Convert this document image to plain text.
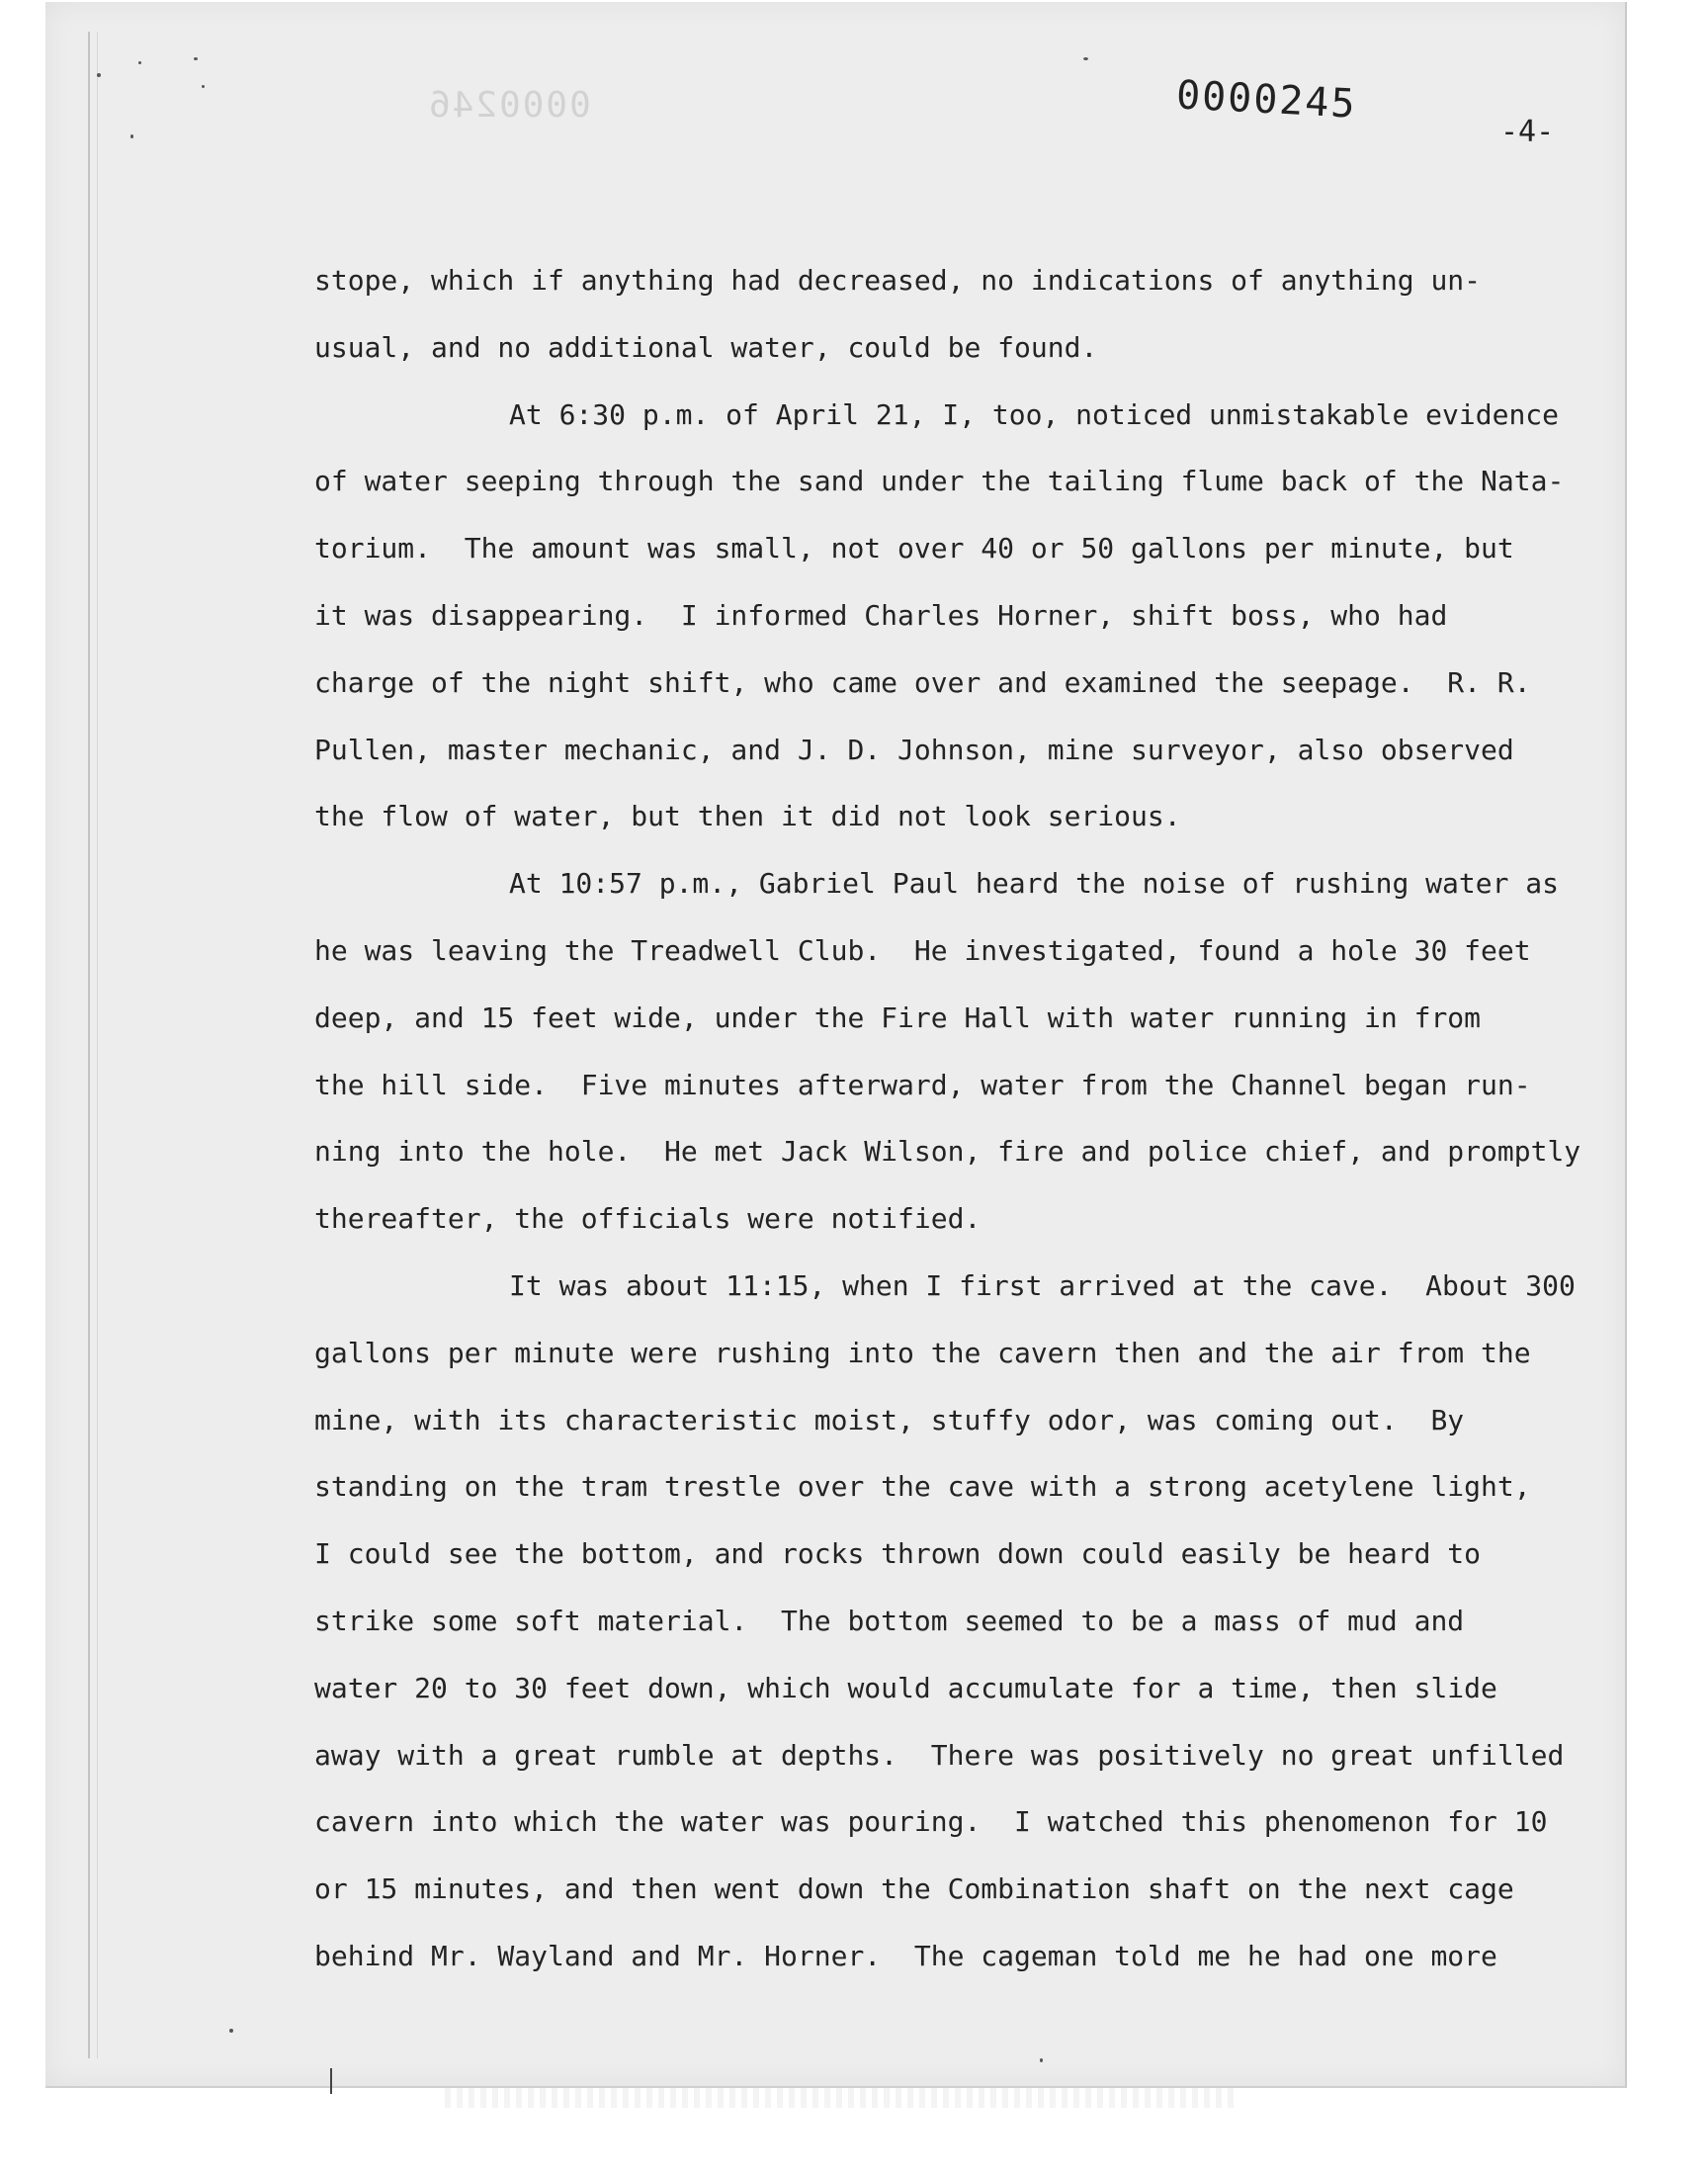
0000246	0000245
-4-
stope, which if anything had decreased, no indications of anything un-
usual, and no additional water, could be found.
At 6:30 p.m. of April 21, I, too, noticed unmistakable evidence
of water seeping through the sand under the tailing flume back of the Nata-
torium.  The amount was small, not over 40 or 50 gallons per minute, but
it was disappearing.  I informed Charles Horner, shift boss, who had
charge of the night shift, who came over and examined the seepage.  R. R.
Pullen, master mechanic, and J. D. Johnson, mine surveyor, also observed
the flow of water, but then it did not look serious.
At 10:57 p.m., Gabriel Paul heard the noise of rushing water as
he was leaving the Treadwell Club.  He investigated, found a hole 30 feet
deep, and 15 feet wide, under the Fire Hall with water running in from
the hill side.  Five minutes afterward, water from the Channel began run-
ning into the hole.  He met Jack Wilson, fire and police chief, and promptly
thereafter, the officials were notified.
It was about 11:15, when I first arrived at the cave.  About 300
gallons per minute were rushing into the cavern then and the air from the
mine, with its characteristic moist, stuffy odor, was coming out.  By
standing on the tram trestle over the cave with a strong acetylene light,
I could see the bottom, and rocks thrown down could easily be heard to
strike some soft material.  The bottom seemed to be a mass of mud and
water 20 to 30 feet down, which would accumulate for a time, then slide
away with a great rumble at depths.  There was positively no great unfilled
cavern into which the water was pouring.  I watched this phenomenon for 10
or 15 minutes, and then went down the Combination shaft on the next cage
behind Mr. Wayland and Mr. Horner.  The cageman told me he had one more
